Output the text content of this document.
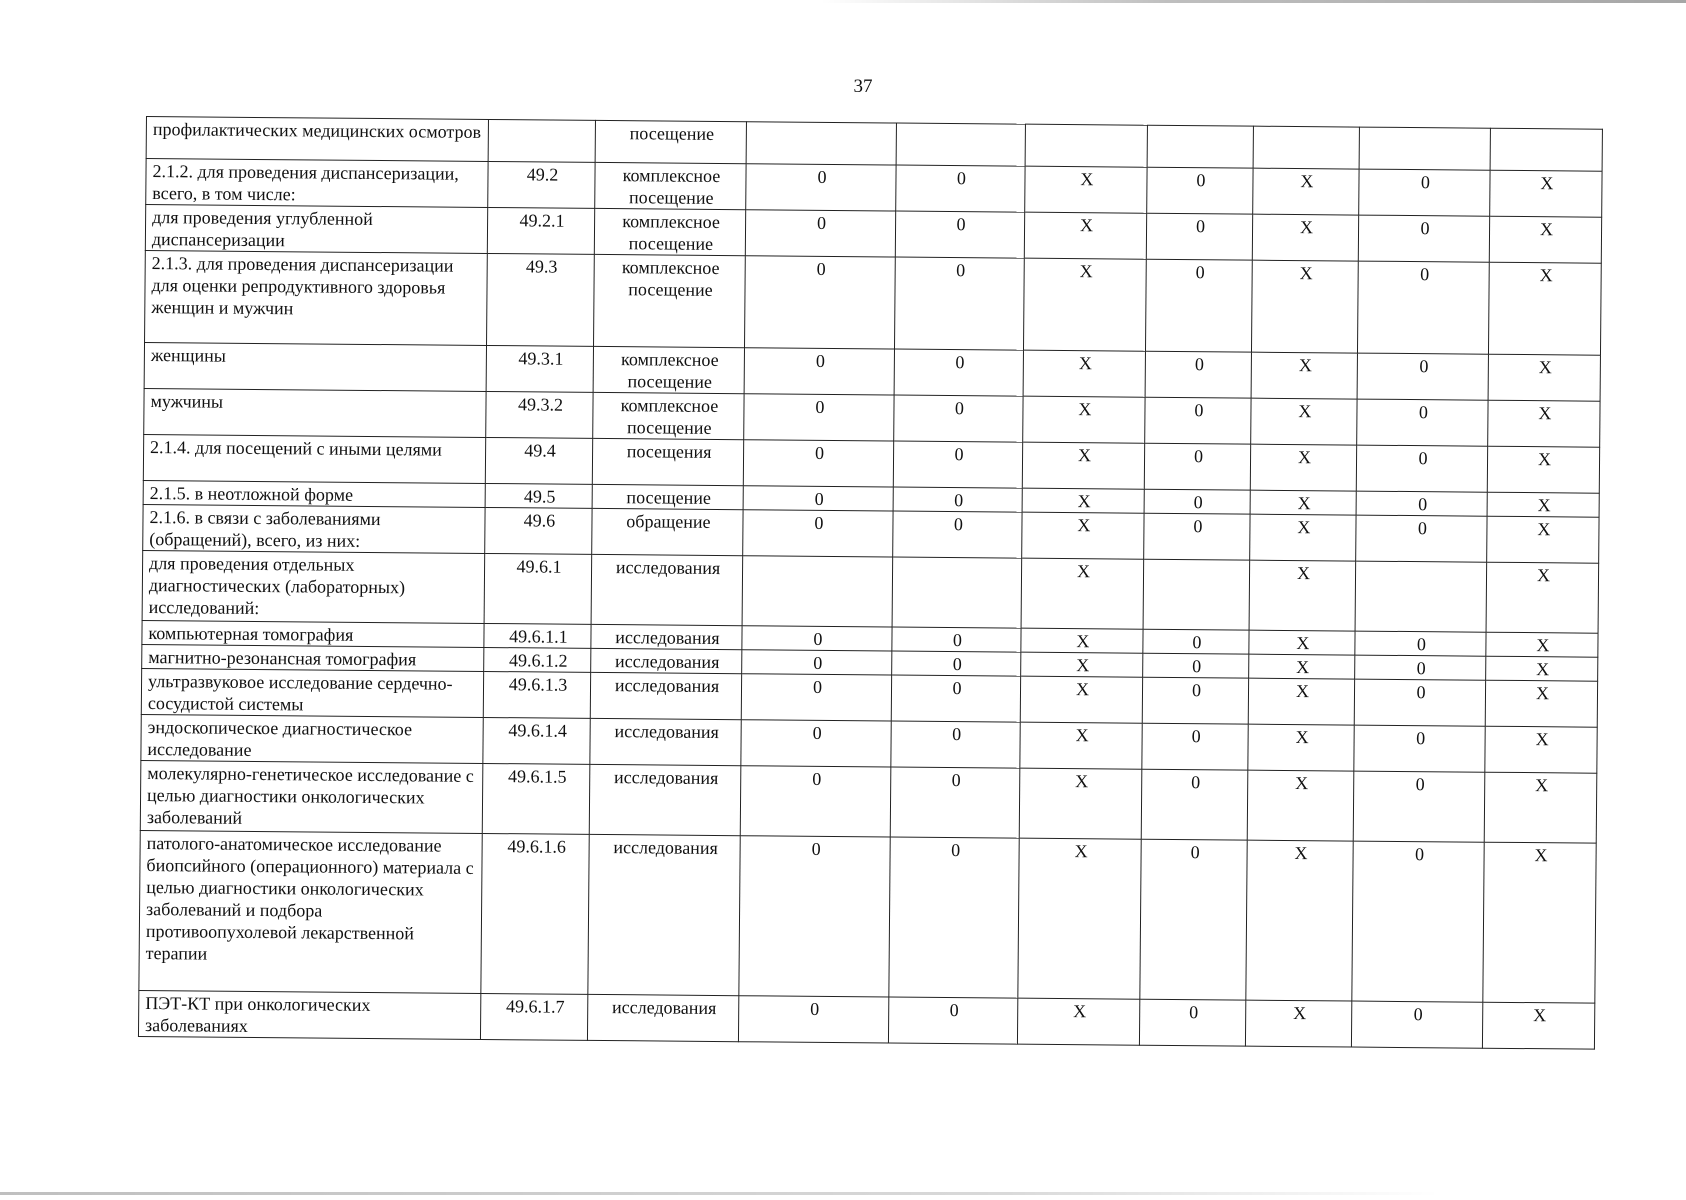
37
профилактических медицинских осмотров		посещение							
2.1.2. для проведения диспансеризации, всего, в том числе:	49.2	комплексное посещение	0	0	X	0	X	0	X
для проведения углубленной диспансеризации	49.2.1	комплексное посещение	0	0	X	0	X	0	X
2.1.3. для проведения диспансеризации для оценки репродуктивного здоровья женщин и мужчин	49.3	комплексное посещение	0	0	X	0	X	0	X
женщины	49.3.1	комплексное посещение	0	0	X	0	X	0	X
мужчины	49.3.2	комплексное посещение	0	0	X	0	X	0	X
2.1.4. для посещений с иными целями	49.4	посещения	0	0	X	0	X	0	X
2.1.5. в неотложной форме	49.5	посещение	0	0	X	0	X	0	X
2.1.6. в связи с заболеваниями (обращений), всего, из них:	49.6	обращение	0	0	X	0	X	0	X
для проведения отдельных диагностических (лабораторных) исследований:	49.6.1	исследования			X		X		X
компьютерная томография	49.6.1.1	исследования	0	0	X	0	X	0	X
магнитно-резонансная томография	49.6.1.2	исследования	0	0	X	0	X	0	X
ультразвуковое исследование сердечно-сосудистой системы	49.6.1.3	исследования	0	0	X	0	X	0	X
эндоскопическое диагностическое исследование	49.6.1.4	исследования	0	0	X	0	X	0	X
молекулярно-генетическое исследование с целью диагностики онкологических заболеваний	49.6.1.5	исследования	0	0	X	0	X	0	X
патолого-анатомическое исследование биопсийного (операционного) материала с целью диагностики онкологических заболеваний и подбора противоопухолевой лекарственной терапии	49.6.1.6	исследования	0	0	X	0	X	0	X
ПЭТ-КТ при онкологических заболеваниях	49.6.1.7	исследования	0	0	X	0	X	0	X
